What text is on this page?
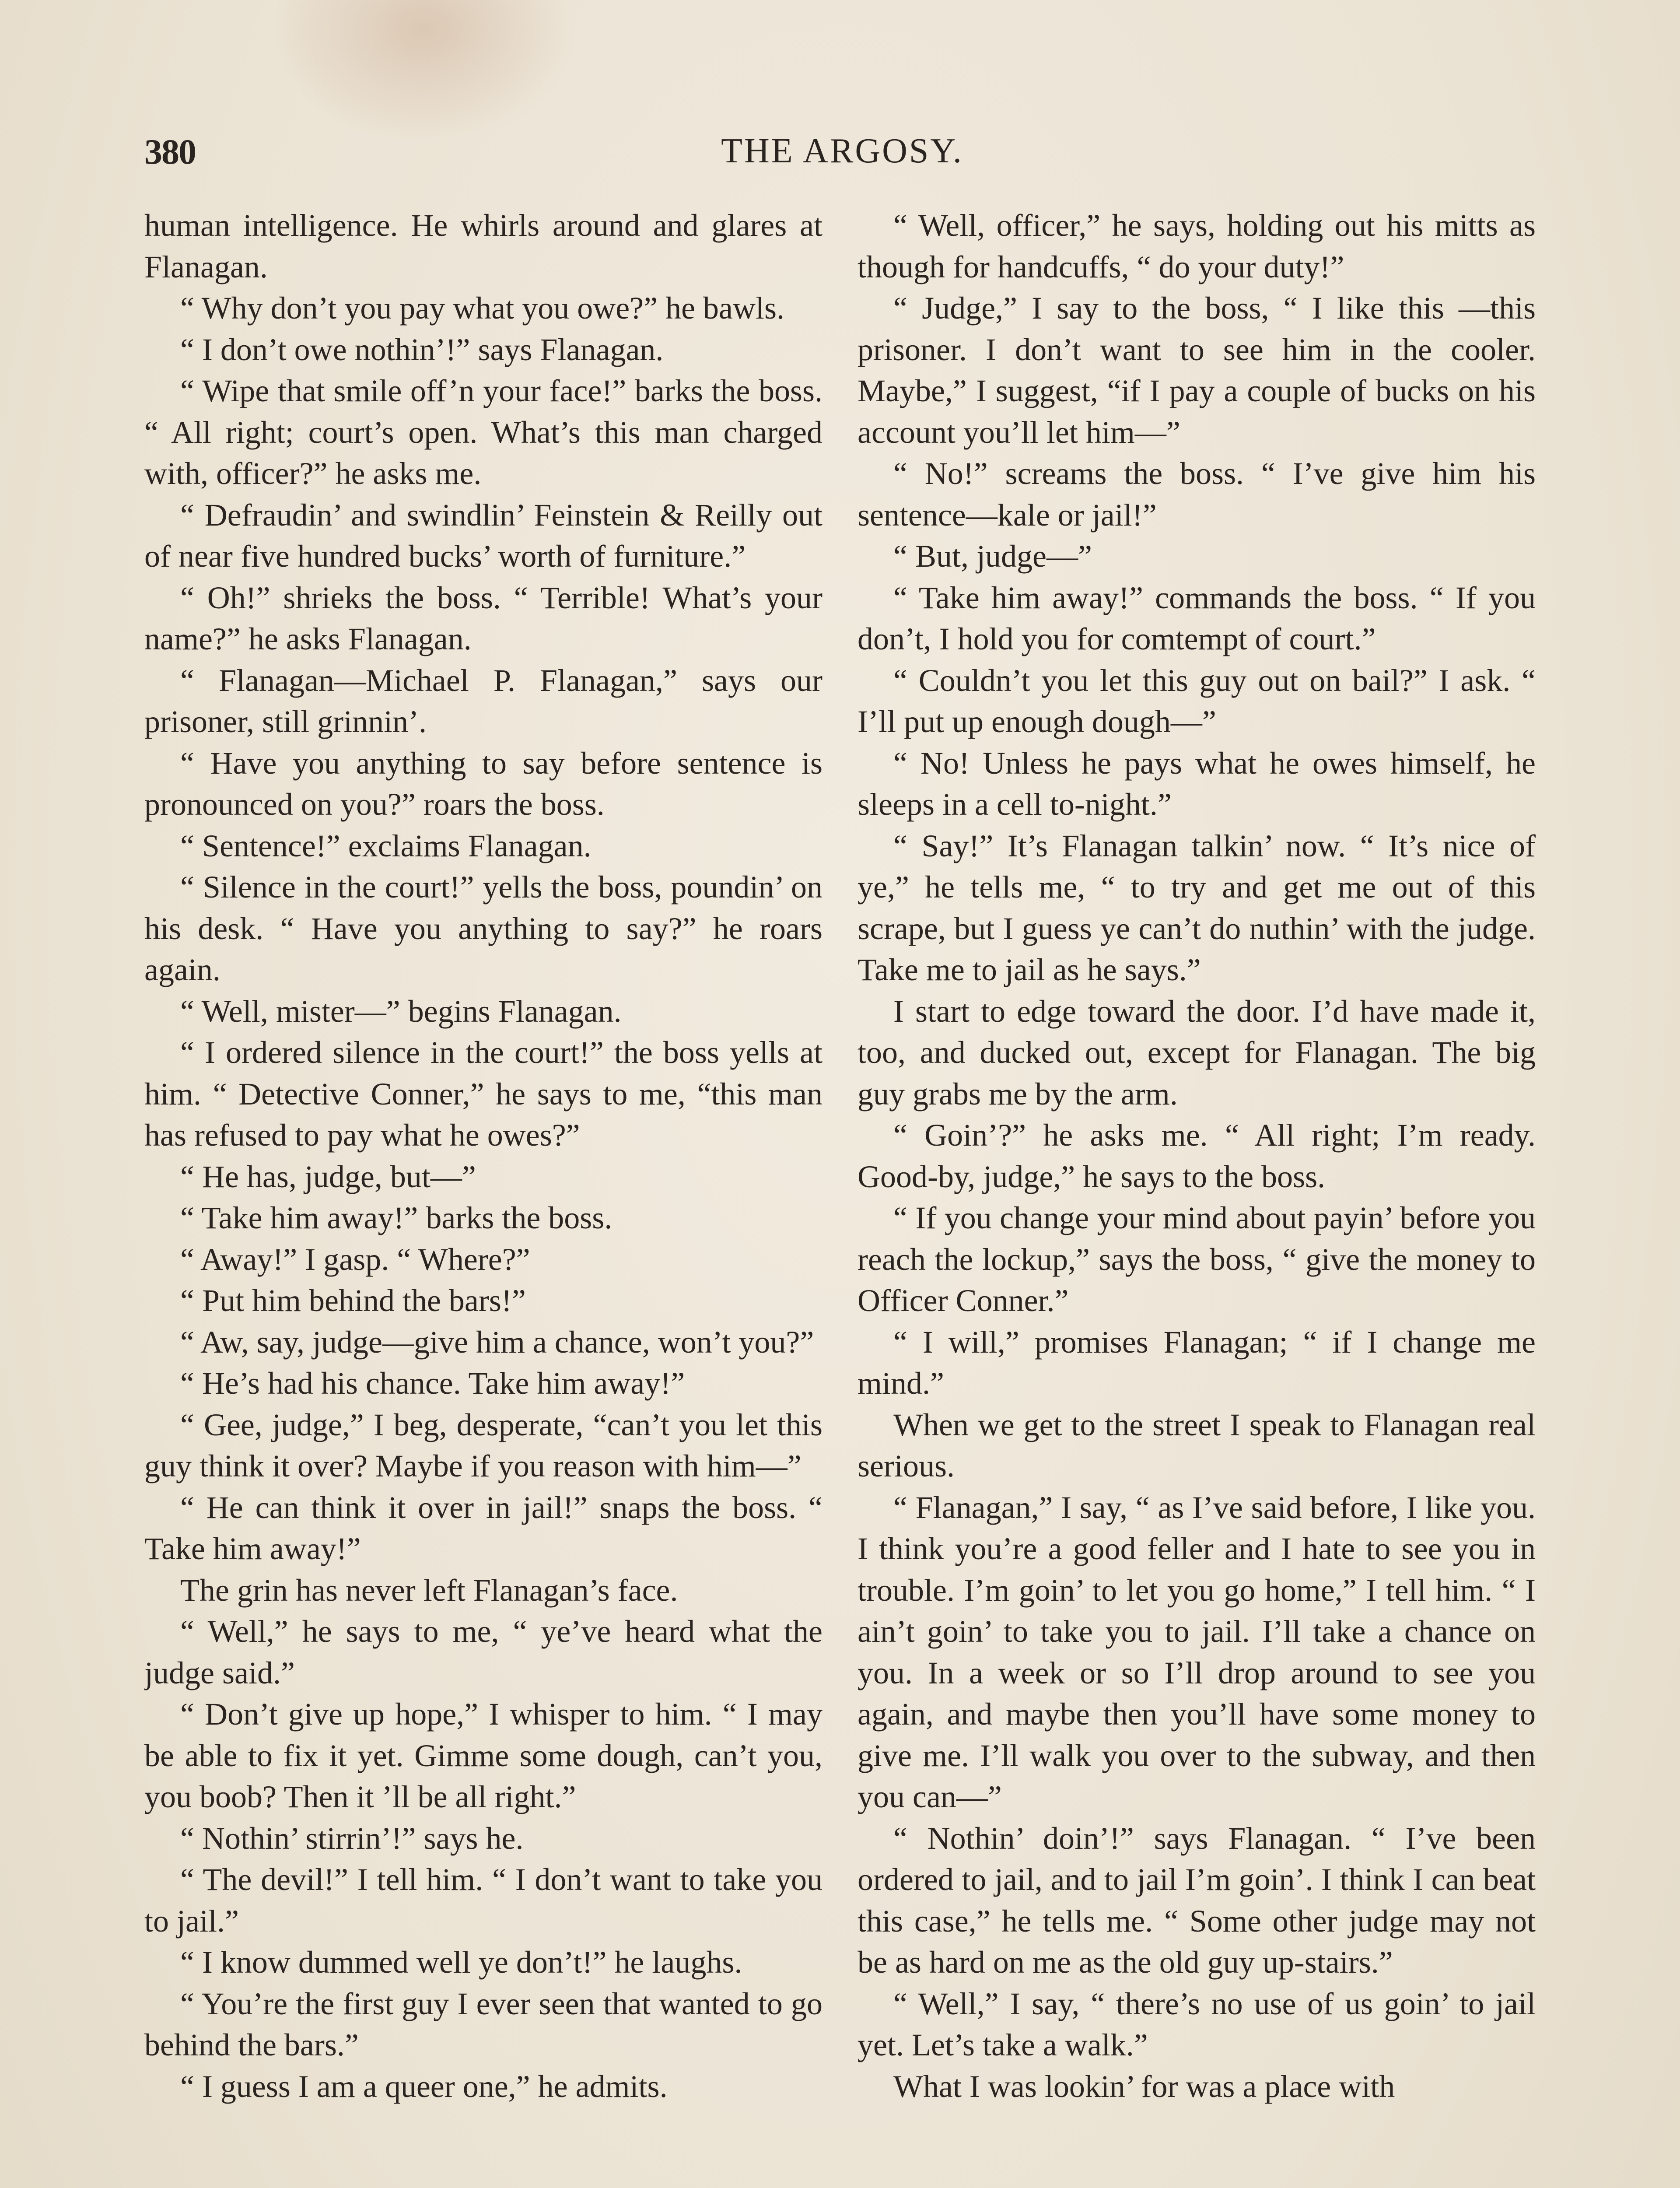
380	THE ARGOSY.

human intelligence. He whirls around and glares at Flanagan.

“ Why don’t you pay what you owe?” he bawls.

“ I don’t owe nothin’!” says Flanagan.

“ Wipe that smile off’n your face!” barks the boss. “ All right; court’s open. What’s this man charged with, officer?” he asks me.

“ Defraudin’ and swindlin’ Feinstein & Reilly out of near five hundred bucks’ worth of furniture.”

“ Oh!” shrieks the boss. “ Terrible! What’s your name?” he asks Flanagan.

“ Flanagan—Michael P. Flanagan,” says our prisoner, still grinnin’.

“ Have you anything to say before sentence is pronounced on you?” roars the boss.

“ Sentence!” exclaims Flanagan.

“ Silence in the court!” yells the boss, poundin’ on his desk. “ Have you anything to say?” he roars again.

“ Well, mister—” begins Flanagan.

“ I ordered silence in the court!” the boss yells at him. “ Detective Conner,” he says to me, “this man has refused to pay what he owes?”

“ He has, judge, but—”

“ Take him away!” barks the boss.

“ Away!” I gasp. “ Where?”

“ Put him behind the bars!”

“ Aw, say, judge—give him a chance, won’t you?”

“ He’s had his chance. Take him away!”

“ Gee, judge,” I beg, desperate, “can’t you let this guy think it over? Maybe if you reason with him—”

“ He can think it over in jail!” snaps the boss. “ Take him away!”

The grin has never left Flanagan’s face.

“ Well,” he says to me, “ ye’ve heard what the judge said.”

“ Don’t give up hope,” I whisper to him. “ I may be able to fix it yet. Gimme some dough, can’t you, you boob? Then it ’ll be all right.”

“ Nothin’ stirrin’!” says he.

“ The devil!” I tell him. “ I don’t want to take you to jail.”

“ I know dummed well ye don’t!” he laughs.

“ You’re the first guy I ever seen that wanted to go behind the bars.”

“ I guess I am a queer one,” he admits.

“ Well, officer,” he says, holding out his mitts as though for handcuffs, “ do your duty!”

“ Judge,” I say to the boss, “ I like this —this prisoner. I don’t want to see him in the cooler. Maybe,” I suggest, “if I pay a couple of bucks on his account you’ll let him—”

“ No!” screams the boss. “ I’ve give him his sentence—kale or jail!”

“ But, judge—”

“ Take him away!” commands the boss. “ If you don’t, I hold you for comtempt of court.”

“ Couldn’t you let this guy out on bail?” I ask. “ I’ll put up enough dough—”

“ No! Unless he pays what he owes himself, he sleeps in a cell to-night.”

“ Say!” It’s Flanagan talkin’ now. “ It’s nice of ye,” he tells me, “ to try and get me out of this scrape, but I guess ye can’t do nuthin’ with the judge. Take me to jail as he says.”

I start to edge toward the door. I’d have made it, too, and ducked out, except for Flanagan. The big guy grabs me by the arm.

“ Goin’?” he asks me. “ All right; I’m ready. Good-by, judge,” he says to the boss.

“ If you change your mind about payin’ before you reach the lockup,” says the boss, “ give the money to Officer Conner.”

“ I will,” promises Flanagan; “ if I change me mind.”

When we get to the street I speak to Flanagan real serious.

“ Flanagan,” I say, “ as I’ve said before, I like you. I think you’re a good feller and I hate to see you in trouble. I’m goin’ to let you go home,” I tell him. “ I ain’t goin’ to take you to jail. I’ll take a chance on you. In a week or so I’ll drop around to see you again, and maybe then you’ll have some money to give me. I’ll walk you over to the subway, and then you can—”

“ Nothin’ doin’!” says Flanagan. “ I’ve been ordered to jail, and to jail I’m goin’. I think I can beat this case,” he tells me. “ Some other judge may not be as hard on me as the old guy up-stairs.”

“ Well,” I say, “ there’s no use of us goin’ to jail yet. Let’s take a walk.”

What I was lookin’ for was a place with
